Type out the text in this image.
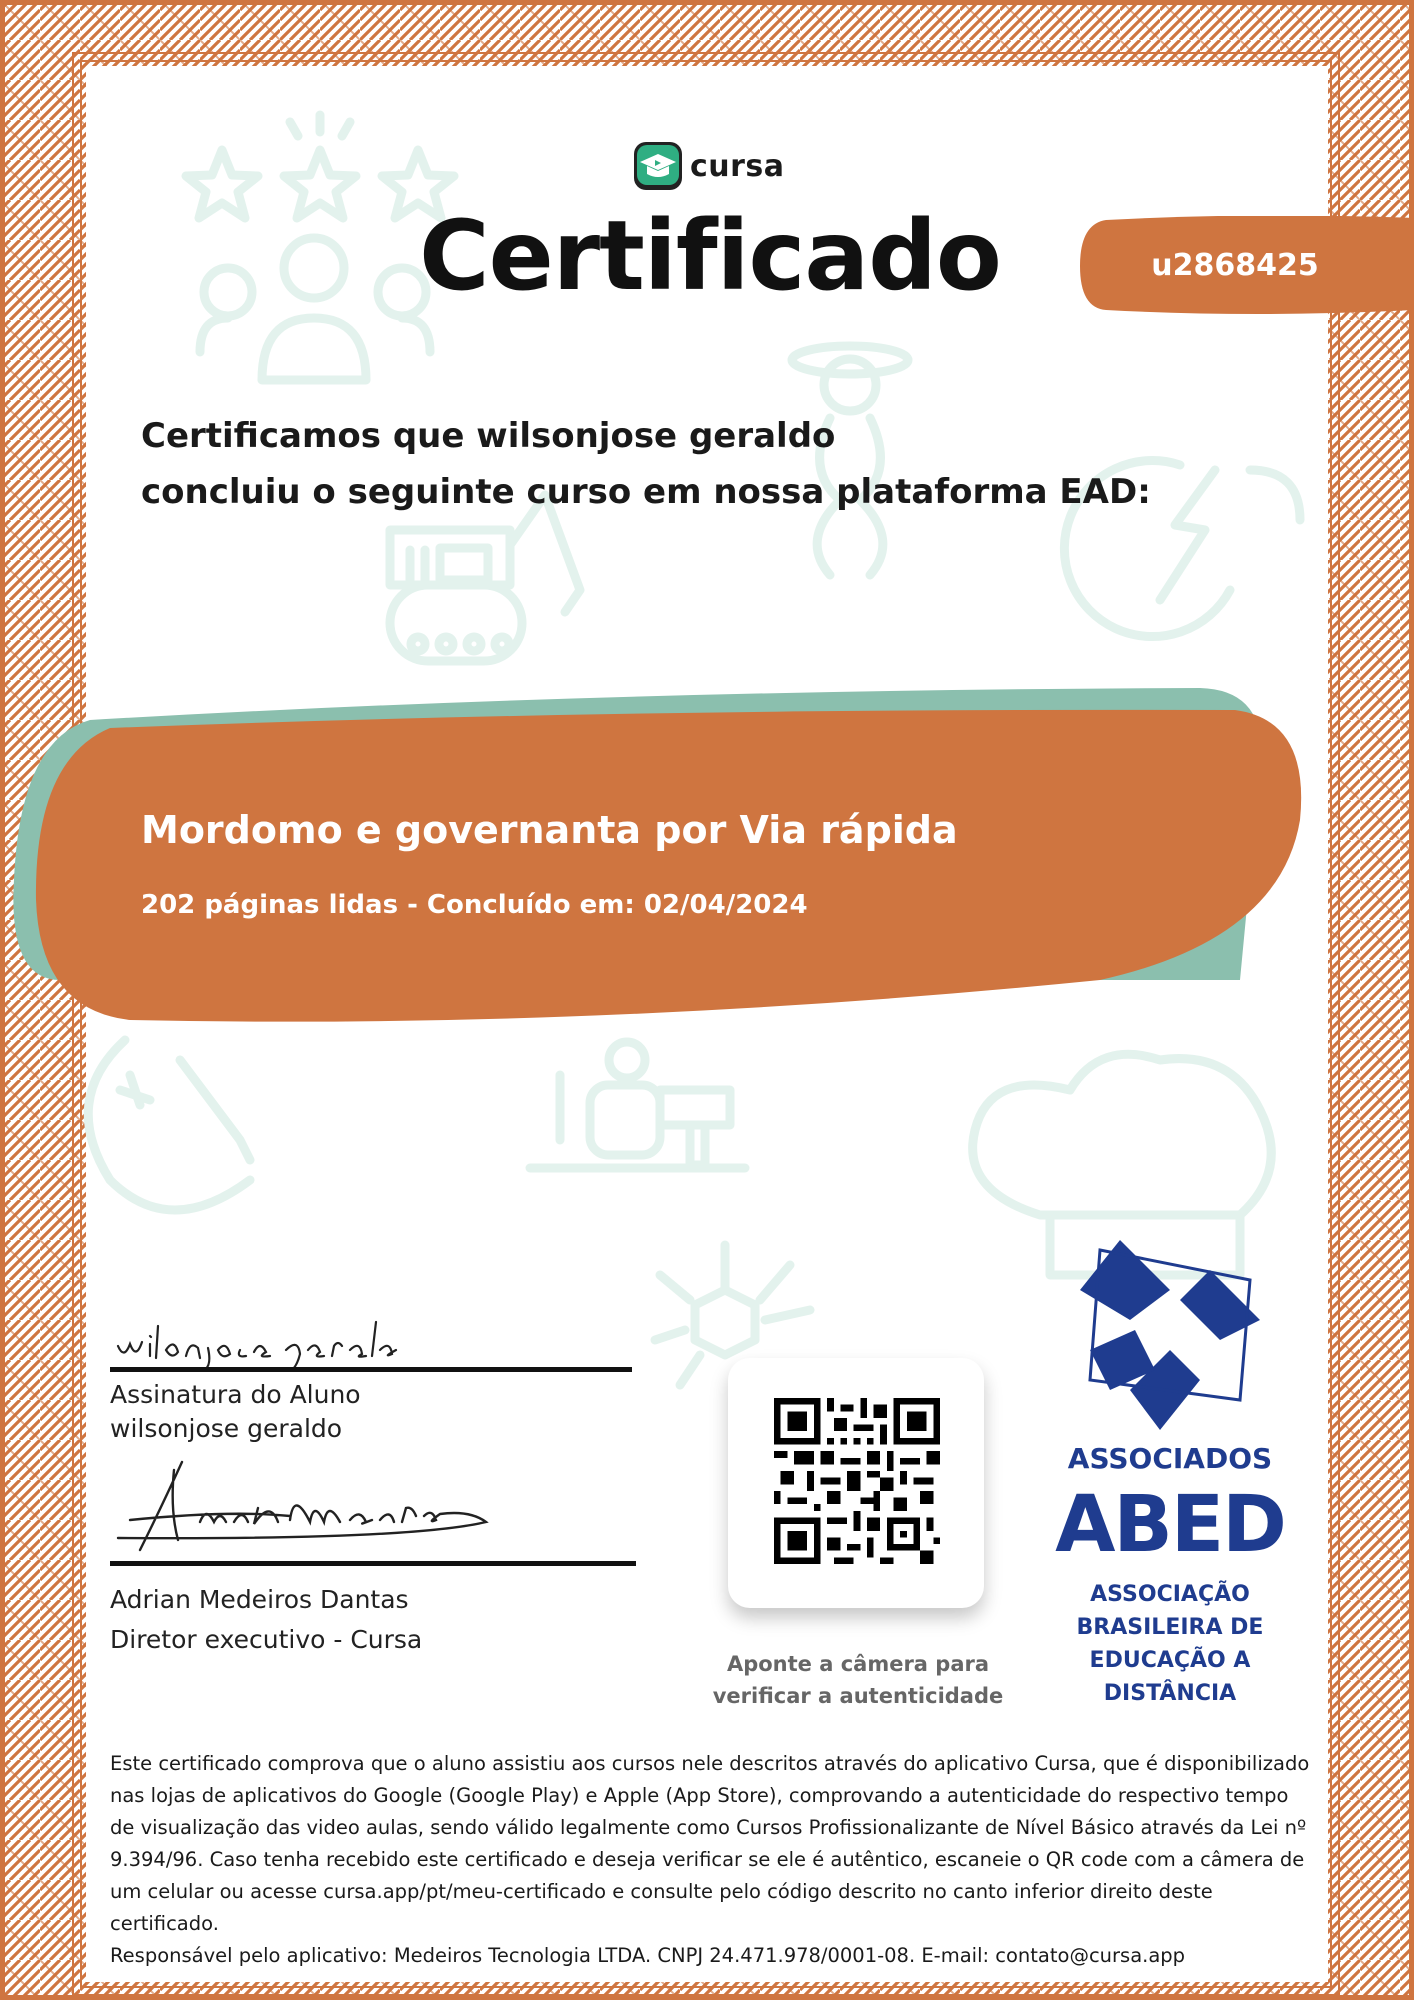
cursa
Certificado	u2868425
Certificamos que wilsonjose geraldo
concluiu o seguinte curso em nossa plataforma EAD:
Mordomo e governanta por Via rápida
202 páginas lidas - Concluído em: 02/04/2024
Assinatura do Aluno
wilsonjose geraldo
Adrian Medeiros Dantas
Diretor executivo - Cursa
Aponte a câmera para
verificar a autenticidade
ASSOCIADOS
ABED
ASSOCIAÇÃO
BRASILEIRA DE
EDUCAÇÃO A
DISTÂNCIA
Este certificado comprova que o aluno assistiu aos cursos nele descritos através do aplicativo Cursa, que é disponibilizado nas lojas de aplicativos do Google (Google Play) e Apple (App Store), comprovando a autenticidade do respectivo tempo de visualização das video aulas, sendo válido legalmente como Cursos Profissionalizante de Nível Básico através da Lei nº 9.394/96. Caso tenha recebido este certificado e deseja verificar se ele é autêntico, escaneie o QR code com a câmera de um celular ou acesse cursa.app/pt/meu-certificado e consulte pelo código descrito no canto inferior direito deste certificado.
Responsável pelo aplicativo: Medeiros Tecnologia LTDA. CNPJ 24.471.978/0001-08. E-mail: contato@cursa.app
